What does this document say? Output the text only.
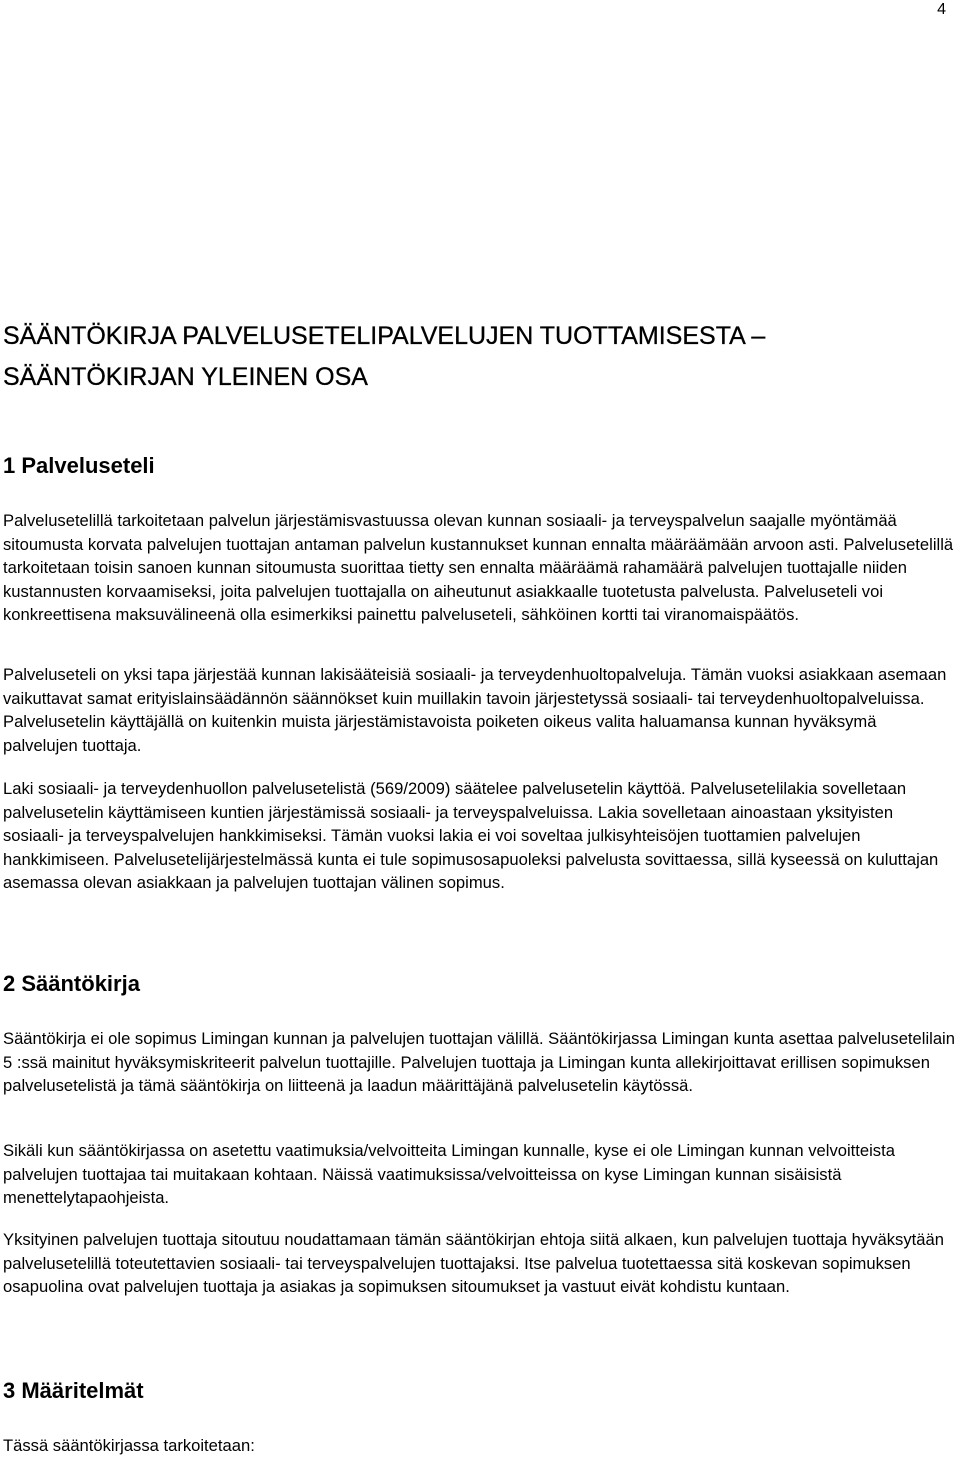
4
SÄÄNTÖKIRJA PALVELUSETELIPALVELUJEN TUOTTAMISESTA –
SÄÄNTÖKIRJAN YLEINEN OSA
1 Palveluseteli

Palvelusetelillä tarkoitetaan palvelun järjestämisvastuussa olevan kunnan sosiaali- ja terveyspalvelun saajalle myöntämää sitoumusta korvata palvelujen tuottajan antaman palvelun kustannukset kunnan ennalta määräämään arvoon asti. Palvelusetelillä tarkoitetaan toisin sanoen kunnan sitoumusta suorittaa tietty sen ennalta määräämä rahamäärä palvelujen tuottajalle niiden kustannusten korvaamiseksi, joita palvelujen tuottajalla on aiheutunut asiakkaalle tuotetusta palvelusta. Palveluseteli voi konkreettisena maksuvälineenä olla esimerkiksi painettu palveluseteli, sähköinen kortti tai viranomaispäätös.

Palveluseteli on yksi tapa järjestää kunnan lakisääteisiä sosiaali- ja terveydenhuoltopalveluja. Tämän vuoksi asiakkaan asemaan vaikuttavat samat erityislainsäädännön säännökset kuin muillakin tavoin järjestetyssä sosiaali- tai terveydenhuoltopalveluissa. Palvelusetelin käyttäjällä on kuitenkin muista järjestämistavoista poiketen oikeus valita haluamansa kunnan hyväksymä palvelujen tuottaja.

Laki sosiaali- ja terveydenhuollon palvelusetelistä (569/2009) säätelee palvelusetelin käyttöä. Palvelusetelilakia sovelletaan palvelusetelin käyttämiseen kuntien järjestämissä sosiaali- ja terveyspalveluissa. Lakia sovelletaan ainoastaan yksityisten sosiaali- ja terveyspalvelujen hankkimiseksi. Tämän vuoksi lakia ei voi soveltaa julkisyhteisöjen tuottamien palvelujen hankkimiseen. Palvelusetelijärjestelmässä kunta ei tule sopimusosapuoleksi palvelusta sovittaessa, sillä kyseessä on kuluttajan asemassa olevan asiakkaan ja palvelujen tuottajan välinen sopimus.

2 Sääntökirja

Sääntökirja ei ole sopimus Limingan kunnan ja palvelujen tuottajan välillä. Sääntökirjassa Limingan kunta asettaa palvelusetelilain 5 :ssä mainitut hyväksymiskriteerit palvelun tuottajille. Palvelujen tuottaja ja Limingan kunta allekirjoittavat erillisen sopimuksen palvelusetelistä ja tämä sääntökirja on liitteenä ja laadun määrittäjänä palvelusetelin käytössä.

Sikäli kun sääntökirjassa on asetettu vaatimuksia/velvoitteita Limingan kunnalle, kyse ei ole Limingan kunnan velvoitteista palvelujen tuottajaa tai muitakaan kohtaan. Näissä vaatimuksissa/velvoitteissa on kyse Limingan kunnan sisäisistä menettelytapaohjeista.

Yksityinen palvelujen tuottaja sitoutuu noudattamaan tämän sääntökirjan ehtoja siitä alkaen, kun palvelujen tuottaja hyväksytään palvelusetelillä toteutettavien sosiaali- tai terveyspalvelujen tuottajaksi. Itse palvelua tuotettaessa sitä koskevan sopimuksen osapuolina ovat palvelujen tuottaja ja asiakas ja sopimuksen sitoumukset ja vastuut eivät kohdistu kuntaan.

3 Määritelmät

Tässä sääntökirjassa tarkoitetaan:
